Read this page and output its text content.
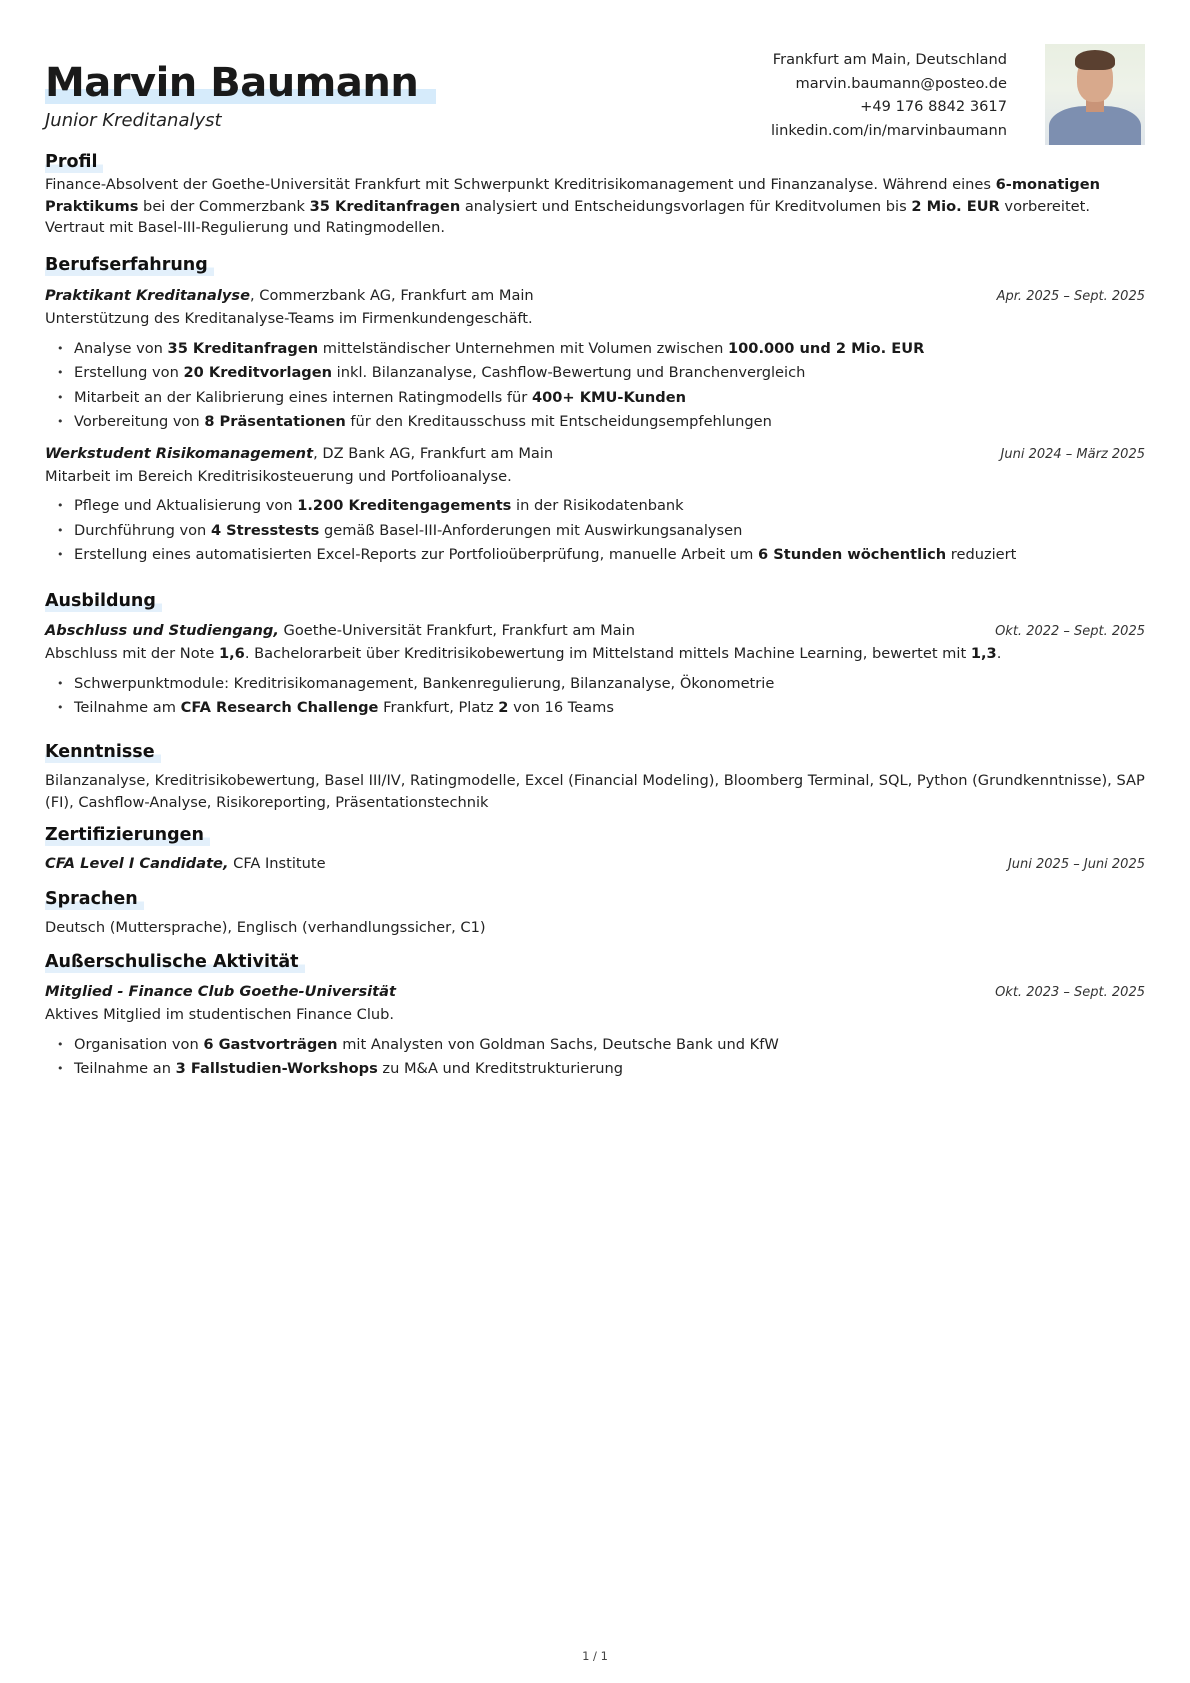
Marvin Baumann
Junior Kreditanalyst
Frankfurt am Main, Deutschland
marvin.baumann@posteo.de
+49 176 8842 3617
linkedin.com/in/marvinbaumann
Profil
Finance-Absolvent der Goethe-Universität Frankfurt mit Schwerpunkt Kreditrisikomanagement und Finanzanalyse. Während eines 6-monatigen Praktikums bei der Commerzbank 35 Kreditanfragen analysiert und Entscheidungsvorlagen für Kreditvolumen bis 2 Mio. EUR vorbereitet. Vertraut mit Basel-III-Regulierung und Ratingmodellen.
Berufserfahrung
Praktikant Kreditanalyse, Commerzbank AG, Frankfurt am Main	Apr. 2025 – Sept. 2025
Unterstützung des Kreditanalyse-Teams im Firmenkundengeschäft.
• Analyse von 35 Kreditanfragen mittelständischer Unternehmen mit Volumen zwischen 100.000 und 2 Mio. EUR
• Erstellung von 20 Kreditvorlagen inkl. Bilanzanalyse, Cashflow-Bewertung und Branchenvergleich
• Mitarbeit an der Kalibrierung eines internen Ratingmodells für 400+ KMU-Kunden
• Vorbereitung von 8 Präsentationen für den Kreditausschuss mit Entscheidungsempfehlungen
Werkstudent Risikomanagement, DZ Bank AG, Frankfurt am Main	Juni 2024 – März 2025
Mitarbeit im Bereich Kreditrisikosteuerung und Portfolioanalyse.
• Pflege und Aktualisierung von 1.200 Kreditengagements in der Risikodatenbank
• Durchführung von 4 Stresstests gemäß Basel-III-Anforderungen mit Auswirkungsanalysen
• Erstellung eines automatisierten Excel-Reports zur Portfolioüberprüfung, manuelle Arbeit um 6 Stunden wöchentlich reduziert
Ausbildung
Abschluss und Studiengang, Goethe-Universität Frankfurt, Frankfurt am Main	Okt. 2022 – Sept. 2025
Abschluss mit der Note 1,6. Bachelorarbeit über Kreditrisikobewertung im Mittelstand mittels Machine Learning, bewertet mit 1,3.
• Schwerpunktmodule: Kreditrisikomanagement, Bankenregulierung, Bilanzanalyse, Ökonometrie
• Teilnahme am CFA Research Challenge Frankfurt, Platz 2 von 16 Teams
Kenntnisse
Bilanzanalyse, Kreditrisikobewertung, Basel III/IV, Ratingmodelle, Excel (Financial Modeling), Bloomberg Terminal, SQL, Python (Grundkenntnisse), SAP (FI), Cashflow-Analyse, Risikoreporting, Präsentationstechnik
Zertifizierungen
CFA Level I Candidate, CFA Institute	Juni 2025 – Juni 2025
Sprachen
Deutsch (Muttersprache), Englisch (verhandlungssicher, C1)
Außerschulische Aktivität
Mitglied - Finance Club Goethe-Universität	Okt. 2023 – Sept. 2025
Aktives Mitglied im studentischen Finance Club.
• Organisation von 6 Gastvorträgen mit Analysten von Goldman Sachs, Deutsche Bank und KfW
• Teilnahme an 3 Fallstudien-Workshops zu M&A und Kreditstrukturierung
1 / 1
